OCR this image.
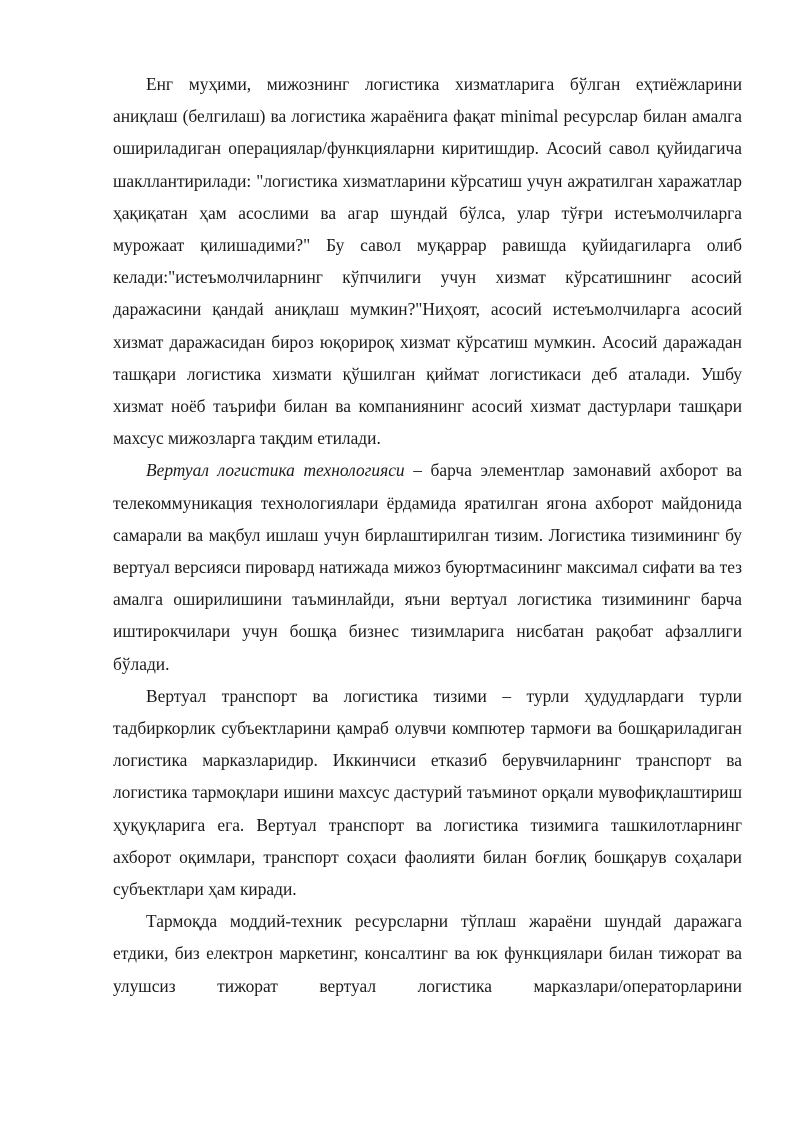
Енг муҳими, мижознинг логистика хизматларига бўлган еҳтиёжларини аниқлаш (белгилаш) ва логистика жараёнига фақат minimal ресурслар билан амалга ошириладиган операциялар/функцияларни киритишдир. Асосий савол қуйидагича шакллантирилади: "логистика хизматларини кўрсатиш учун ажратилган харажатлар ҳақиқатан ҳам асослими ва агар шундай бўлса, улар тўғри истеъмолчиларга мурожаат қилишадими?" Бу савол муқаррар равишда қуйидагиларга олиб келади:"истеъмолчиларнинг кўпчилиги учун хизмат кўрсатишнинг асосий даражасини қандай аниқлаш мумкин?"Ниҳоят, асосий истеъмолчиларга асосий хизмат даражасидан бироз юқорироқ хизмат кўрсатиш мумкин. Асосий даражадан ташқари логистика хизмати қўшилган қиймат логистикаси деб аталади. Ушбу хизмат ноёб таърифи билан ва компаниянинг асосий хизмат дастурлари ташқари махсус мижозларга тақдим етилади.

Вертуал логистика технологияси – барча элементлар замонавий ахборот ва телекоммуникация технологиялари ёрдамида яратилган ягона ахборот майдонида самарали ва мақбул ишлаш учун бирлаштирилган тизим. Логистика тизимининг бу вертуал версияси пировард натижада мижоз буюртмасининг максимал сифати ва тез амалга оширилишини таъминлайди, яъни вертуал логистика тизимининг барча иштирокчилари учун бошқа бизнес тизимларига нисбатан рақобат афзаллиги бўлади.

Вертуал транспорт ва логистика тизими – турли ҳудудлардаги турли тадбиркорлик субъектларини қамраб олувчи компютер тармоғи ва бошқариладиган логистика марказларидир. Иккинчиси етказиб берувчиларнинг транспорт ва логистика тармоқлари ишини махсус дастурий таъминот орқали мувофиқлаштириш ҳуқуқларига ега. Вертуал транспорт ва логистика тизимига ташкилотларнинг ахборот оқимлари, транспорт соҳаси фаолияти билан боғлиқ бошқарув соҳалари субъектлари ҳам киради.

Тармоқда моддий-техник ресурсларни тўплаш жараёни шундай даражага етдики, биз електрон маркетинг, консалтинг ва юк функциялари билан тижорат ва улушсиз тижорат вертуал логистика марказлари/операторларини
